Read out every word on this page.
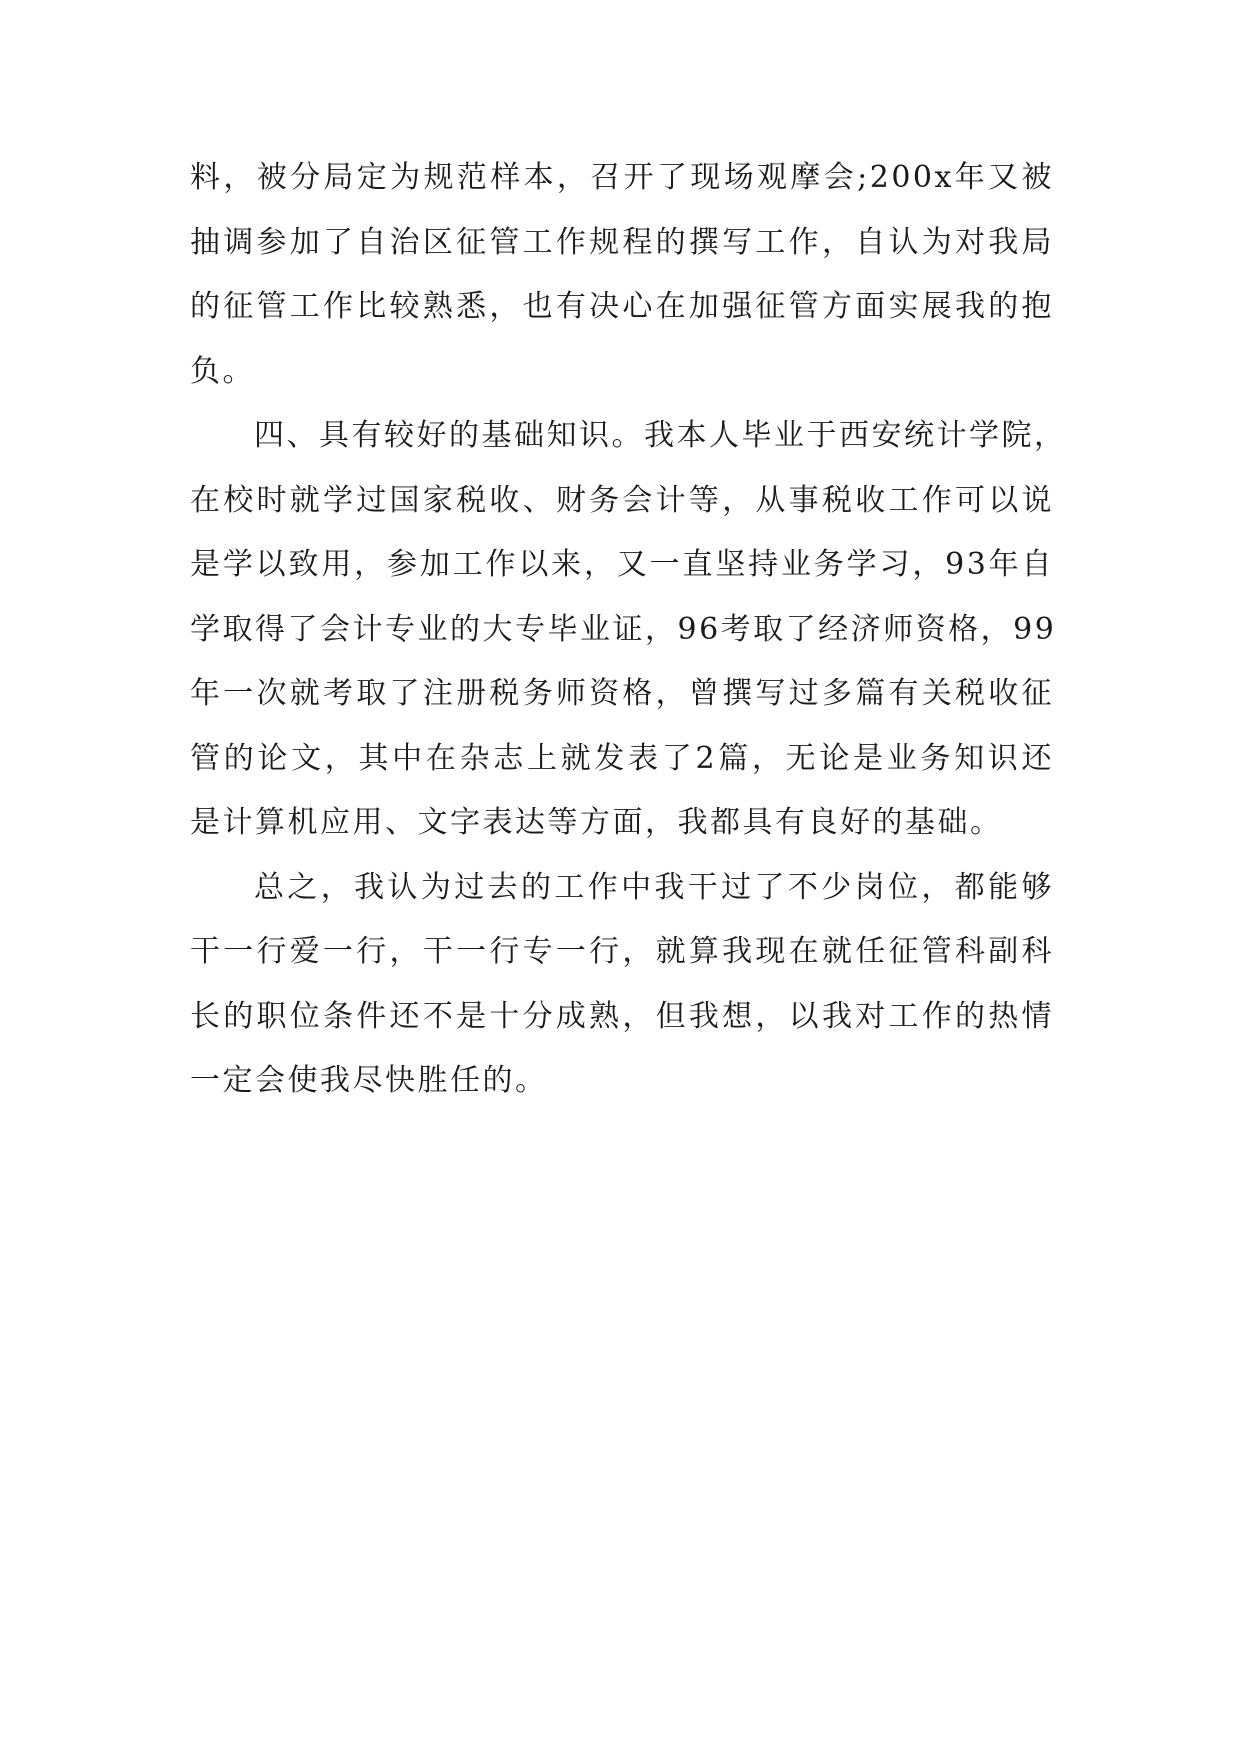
料，被分局定为规范样本，召开了现场观摩会;200x年又被
抽调参加了自治区征管工作规程的撰写工作，自认为对我局
的征管工作比较熟悉，也有决心在加强征管方面实展我的抱
负。
四、具有较好的基础知识。我本人毕业于西安统计学院，
在校时就学过国家税收、财务会计等，从事税收工作可以说
是学以致用，参加工作以来，又一直坚持业务学习，93年自
学取得了会计专业的大专毕业证，96考取了经济师资格，99
年一次就考取了注册税务师资格，曾撰写过多篇有关税收征
管的论文，其中在杂志上就发表了2篇，无论是业务知识还
是计算机应用、文字表达等方面，我都具有良好的基础。
总之，我认为过去的工作中我干过了不少岗位，都能够
干一行爱一行，干一行专一行，就算我现在就任征管科副科
长的职位条件还不是十分成熟，但我想，以我对工作的热情
一定会使我尽快胜任的。
